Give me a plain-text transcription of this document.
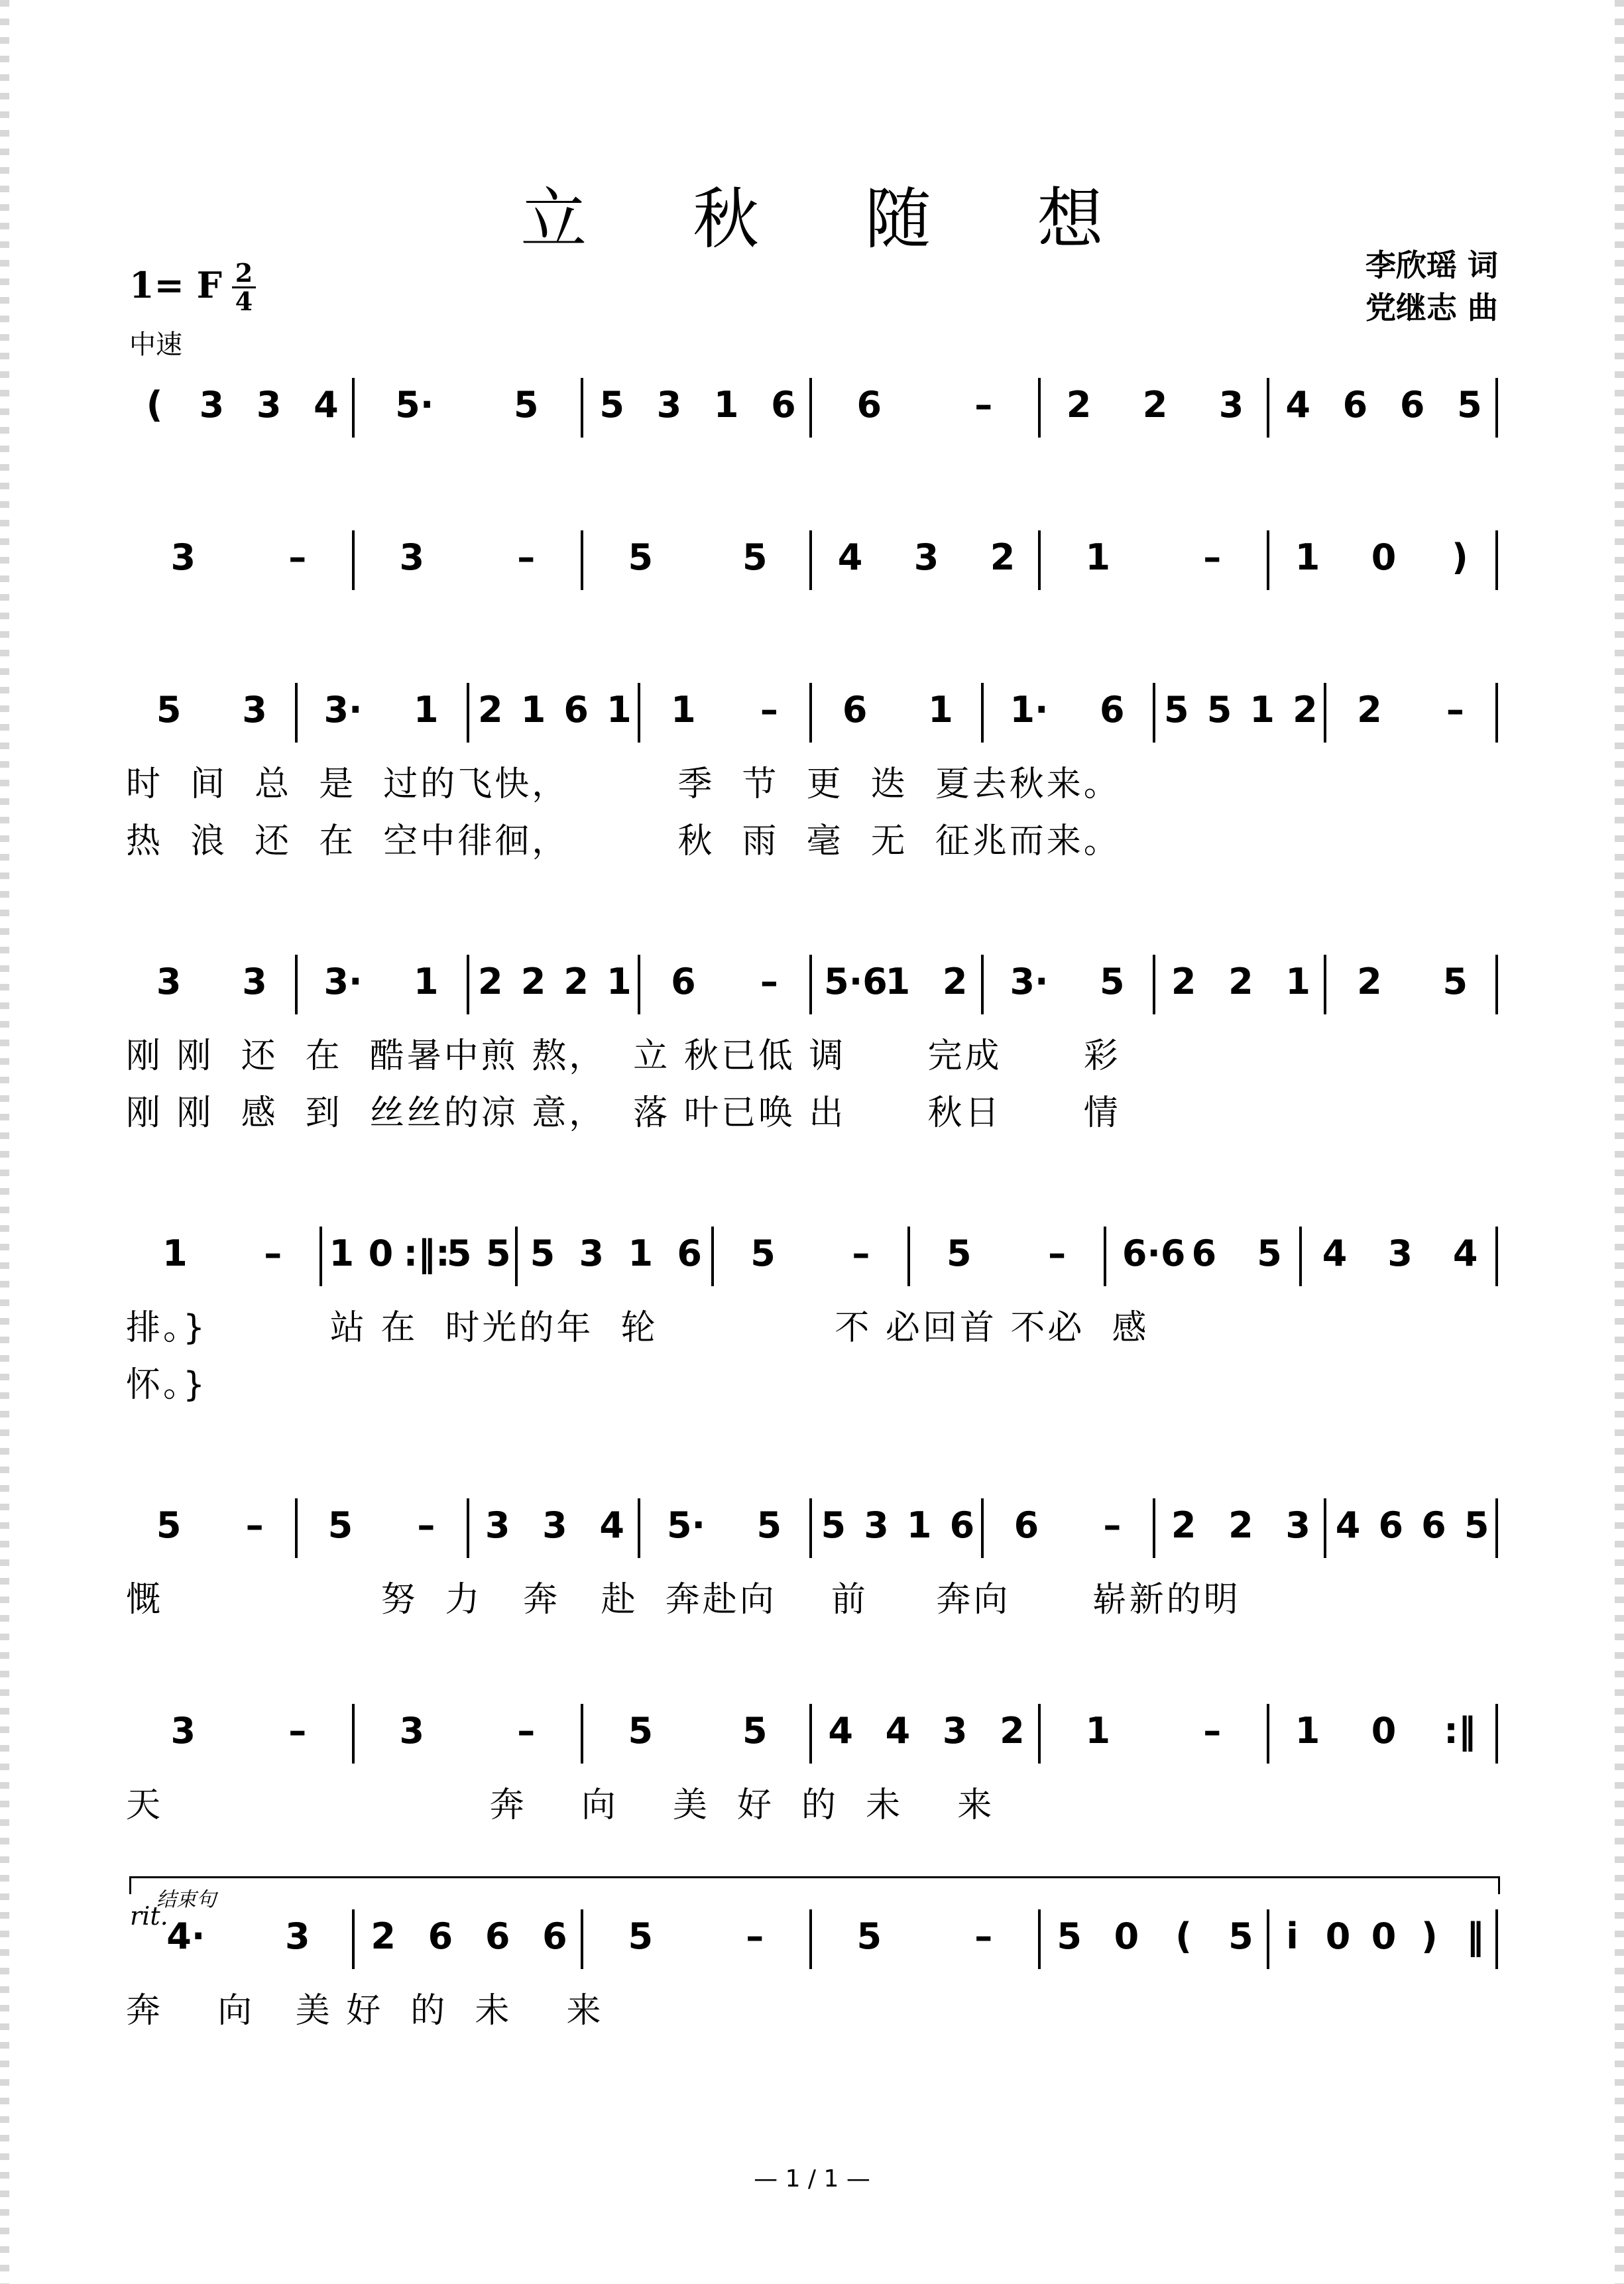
立 秋 随 想
1= F 2
4
中速
李欣瑶 词
党继志 曲
结束句
rit.
( 3 3 4 5· 5 5 3 1 6 6	– 2 2 3 4 6 6 5
3	–	3	–	5 5 4 3 2 1	– 1 0 )
5 3 3· 1 2 1 6 1 1 – 6 1 1· 6 5 5 1 2 2 –
时  间  总  是  过的飞快，        季  节  更  迭  夏去秋来。
热  浪  还  在  空中徘徊，        秋  雨  毫  无  征兆而来。
3 3 3· 1 2 2 2 1 6 – 5·6
1 2 3· 5 2 2 1 2 5
刚 刚  还  在  酷暑中煎 熬，  立 秋已低 调      完成      彩
刚 刚  感  到  丝丝的凉 意，  落 叶已唤 出      秋日      情
1 – 1 0 :‖:
5 5 5 3 1 6 5 – 5 – 6·6 6 5 4 3 4
排。}         站 在  时光的年  轮             不 必回首 不必  感
怀。}
5 – 5 – 3 3 4 5· 5 5 3 1 6 6 – 2 2 3 4 6 6 5
慨                努  力   奔   赴  奔赴向    前     奔向      崭新的明
3	–	3	–	5 5 4 4 3 2 1	– 1 0 :‖
天                        奔    向    美  好  的  未    来
4· 3 2 6 6 6 5	–	5	– 5 0 ( 5 i 0 0 ) ‖
奔    向   美 好  的  未    来
— 1 / 1 —
